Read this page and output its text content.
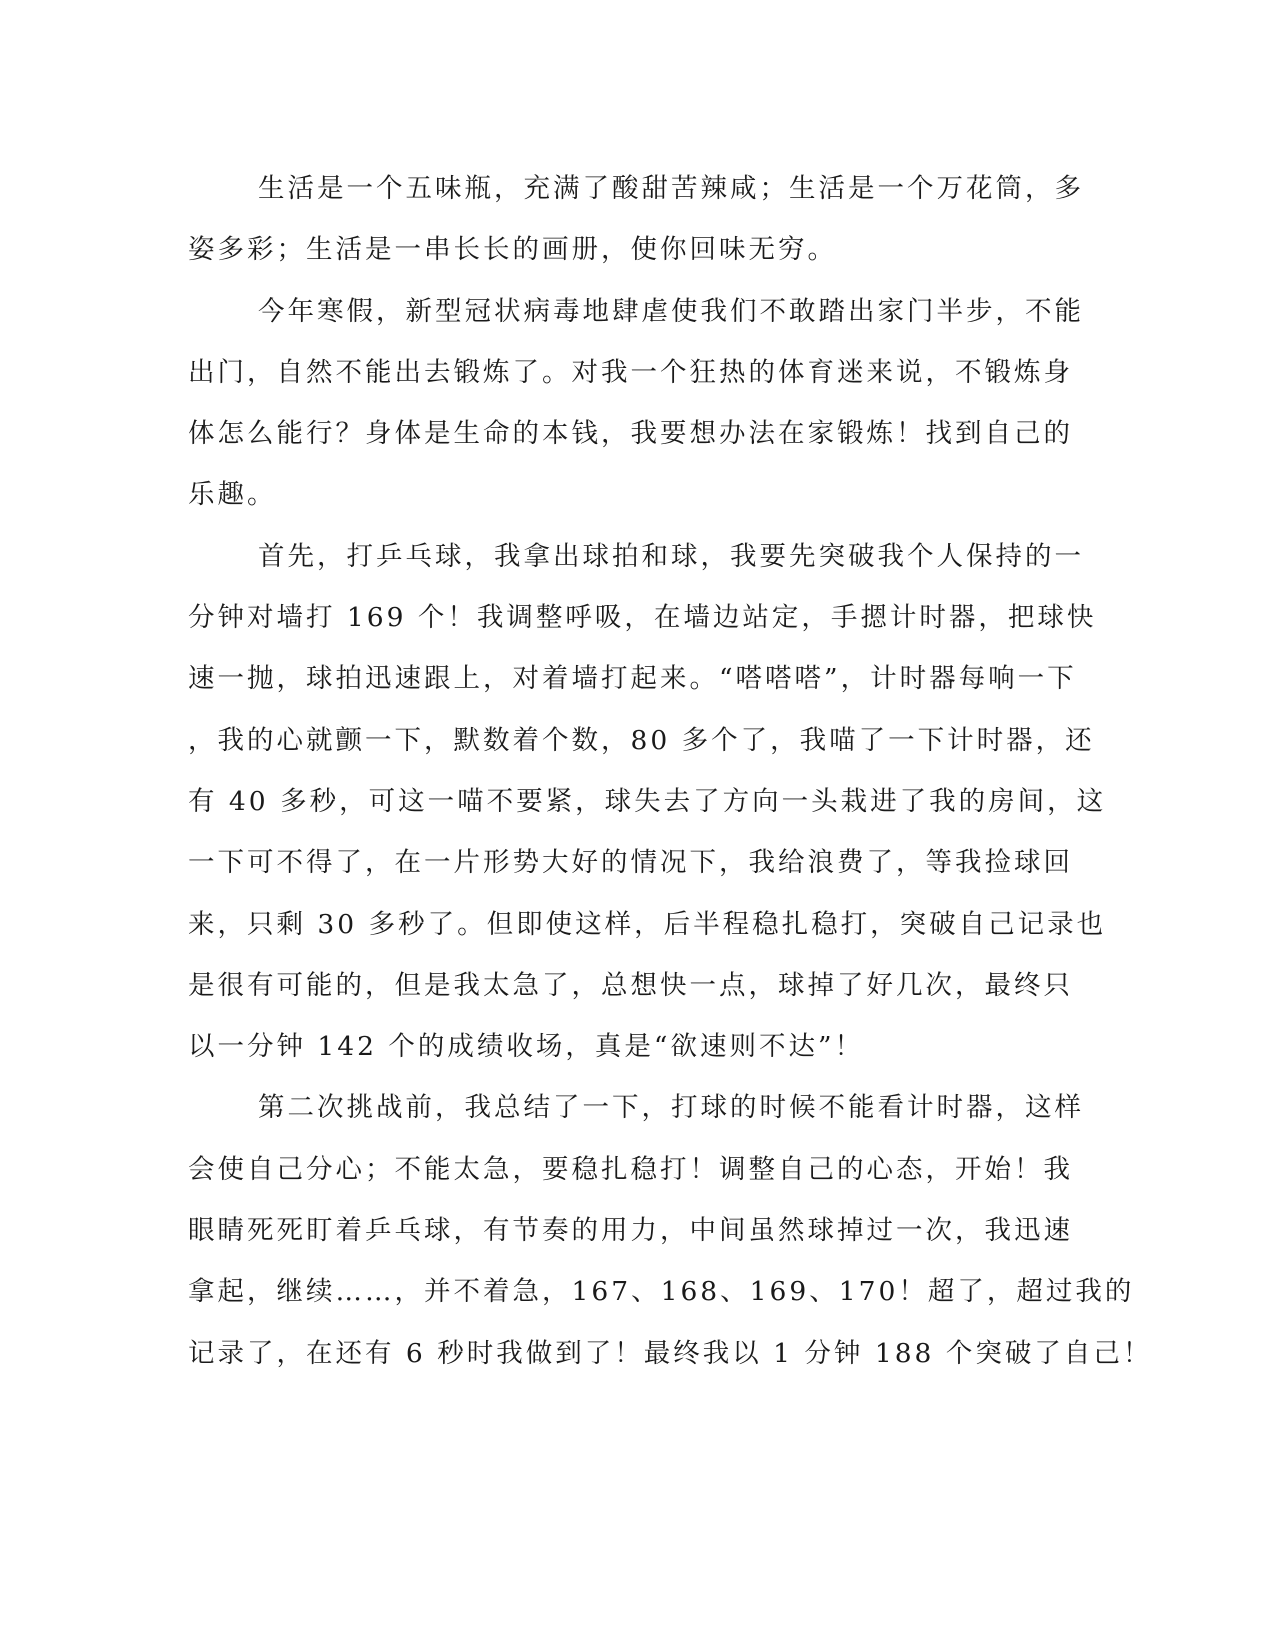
生活是一个五味瓶，充满了酸甜苦辣咸；生活是一个万花筒，多
姿多彩；生活是一串长长的画册，使你回味无穷。
今年寒假，新型冠状病毒地肆虐使我们不敢踏出家门半步，不能
出门，自然不能出去锻炼了。对我一个狂热的体育迷来说，不锻炼身
体怎么能行？身体是生命的本钱，我要想办法在家锻炼！找到自己的
乐趣。
首先，打乒乓球，我拿出球拍和球，我要先突破我个人保持的一
分钟对墙打 169 个！我调整呼吸，在墙边站定，手摁计时器，把球快
速一抛，球拍迅速跟上，对着墙打起来。“嗒嗒嗒”，计时器每响一下
，我的心就颤一下，默数着个数，80 多个了，我喵了一下计时器，还
有 40 多秒，可这一喵不要紧，球失去了方向一头栽进了我的房间，这
一下可不得了，在一片形势大好的情况下，我给浪费了，等我捡球回
来，只剩 30 多秒了。但即使这样，后半程稳扎稳打，突破自己记录也
是很有可能的，但是我太急了，总想快一点，球掉了好几次，最终只
以一分钟 142 个的成绩收场，真是“欲速则不达”！
第二次挑战前，我总结了一下，打球的时候不能看计时器，这样
会使自己分心；不能太急，要稳扎稳打！调整自己的心态，开始！我
眼睛死死盯着乒乓球，有节奏的用力，中间虽然球掉过一次，我迅速
拿起，继续……，并不着急，167、168、169、170！超了，超过我的
记录了，在还有 6 秒时我做到了！最终我以 1 分钟 188 个突破了自己！
